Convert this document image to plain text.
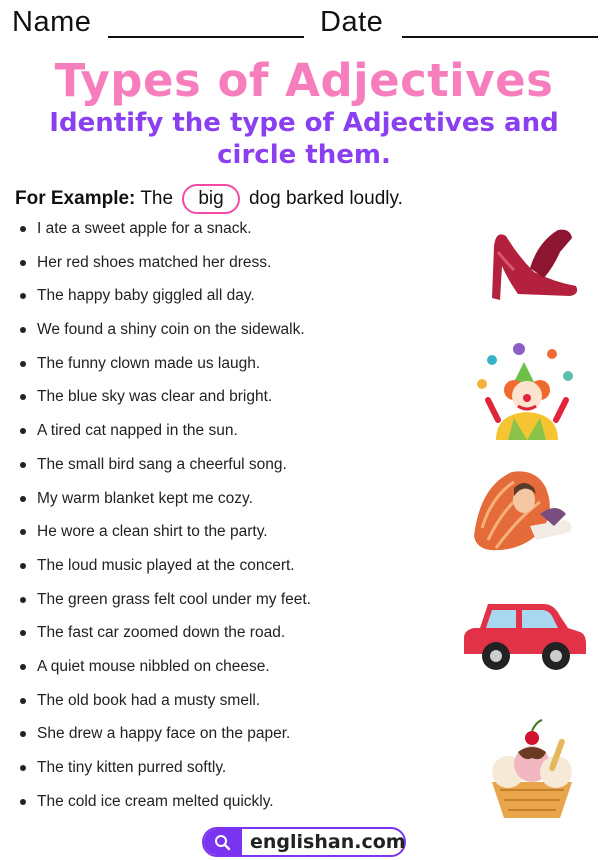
Name	Date
Types of Adjectives
Identify the type of Adjectives and circle them.
For Example: The big dog barked loudly.
I ate a sweet apple for a snack.
Her red shoes matched her dress.
The happy baby giggled all day.
We found a shiny coin on the sidewalk.
The funny clown made us laugh.
The blue sky was clear and bright.
A tired cat napped in the sun.
The small bird sang a cheerful song.
My warm blanket kept me cozy.
He wore a clean shirt to the party.
The loud music played at the concert.
The green grass felt cool under my feet.
The fast car zoomed down the road.
A quiet mouse nibbled on cheese.
The old book had a musty smell.
She drew a happy face on the paper.
The tiny kitten purred softly.
The cold ice cream melted quickly.
englishan.com
